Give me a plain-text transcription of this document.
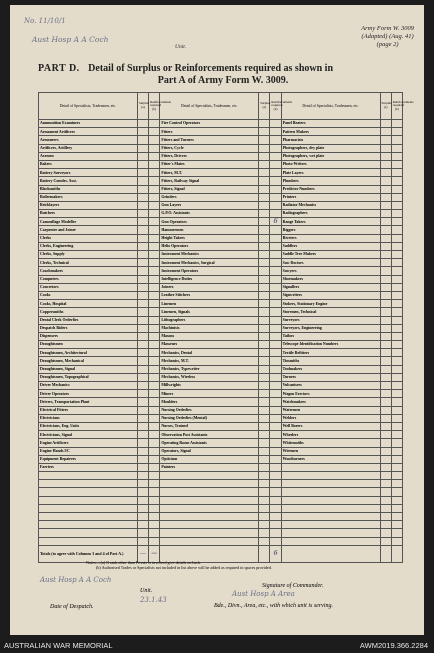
No. 11/10/1
Aust Hosp A A Coch
Unit.
Army Form W. 3009
(Adapted) (Aug. 41)
(page 2)
PART D. Detail of Surplus or Reinforcements required as shown in
Part A of Army Form W. 3009.
Detail of Specialists, Tradesmen, etc.	Surplus (a)	Reinforcements required (b)	Detail of Specialists, Tradesmen, etc.	Surplus (a)	Reinforcements required (b)	Detail of Specialists, Tradesmen, etc.	Surplus (a)	Reinforcements required (b)
Ammunition Examiners			Fire Control Operators			Panel Beaters		
Armament Artificers			Fitters			Pattern Makers		
Armourers			Fitters and Turners			Pharmacists		
Artificers, Artillery			Fitters, Cycle			Photographers, dry plate		
Axemen			Fitters, Drivers			Photographers, wet plate		
Bakers			Fitter's Mates			Photo-Writers		
Battery Surveyors			Fitters, M.T.			Plate Layers		
Battery Comdrs. Asst.			Fitters, Railway Signal			Plumbers		
Blacksmiths			Fitters, Signal			Predictor Numbers		
Boilermakers			Grinders			Printers		
Bricklayers			Gun Layers			Radiator Mechanics		
Butchers			G.P.O. Assistants			Radiographers		
Camouflage Modeller			Gun Operators		6	Range Takers		
Carpenter and Joiner			Hammermen			Riggers		
Clerks			Height Takers			Riveters		
Clerks, Engineering			Helio Operators			Saddlers		
Clerks, Supply			Instrument Mechanics			Saddle Tree Makers		
Clerks, Technical			Instrument Mechanics, Surgical			Saw Doctors		
Coachmakers			Instrument Operators			Sawyers		
Computers			Intelligence Duties			Shoemakers		
Concretors			Joiners			Signallers		
Cooks			Leather Stitchers			Signwriters		
Cooks, Hospital			Linemen			Stokers, Stationary Engine		
Coppersmiths			Linemen, Signals			Storemen, Technical		
Dental Clerk Orderlies			Lithographers			Surveyors		
Despatch Riders			Machinists			Surveyors, Engineering		
Dispensers			Masons			Tailors		
Draughtsmen			Masseurs			Telescope Identification Numbers		
Draughtsmen, Architectural			Mechanics, Dental			Textile Refitters		
Draughtsmen, Mechanical			Mechanics, M.T.			Tinsmiths		
Draughtsmen, Signal			Mechanics, Typewriter			Toolmakers		
Draughtsmen, Topographical			Mechanics, Wireless			Turners		
Driver Mechanics			Millwrights			Vulcanisers		
Driver Operators			Miners			Wagon Erectors		
Drivers, Transportation Plant			Moulders			Watchmakers		
Electrical Fitters			Nursing Orderlies			Watermen		
Electricians			Nursing Orderlies (Mental)			Welders		
Electricians, Eng. Units			Nurses, Trained			Well Borers		
Electricians, Signal			Observation Post Assistants			Wheelers		
Engine Artificers			Operating Room Assistants			Whitesmiths		
Engine Hands I/C			Operators, Signal			Wiremen		
Equipment Repairers			Opticians			Woodturners		
Farriers			Painters					

Totals (to agree with Columns 3 and 4 of Part A.)	—	—			6			
Notes.—(a) If rank other than Private is involved give details on back.
(b) Authorised Trades or Specialists not included in list above will be added as required in spaces provided.
Aust Hosp A A Coch
Unit.
Signature of Commander.
Aust Hosp A Area
23.1.43
Date of Despatch.	Bde., Divn., Area, etc., with which unit is serving.
AUSTRALIAN WAR MEMORIAL	AWM2019.366.2284
